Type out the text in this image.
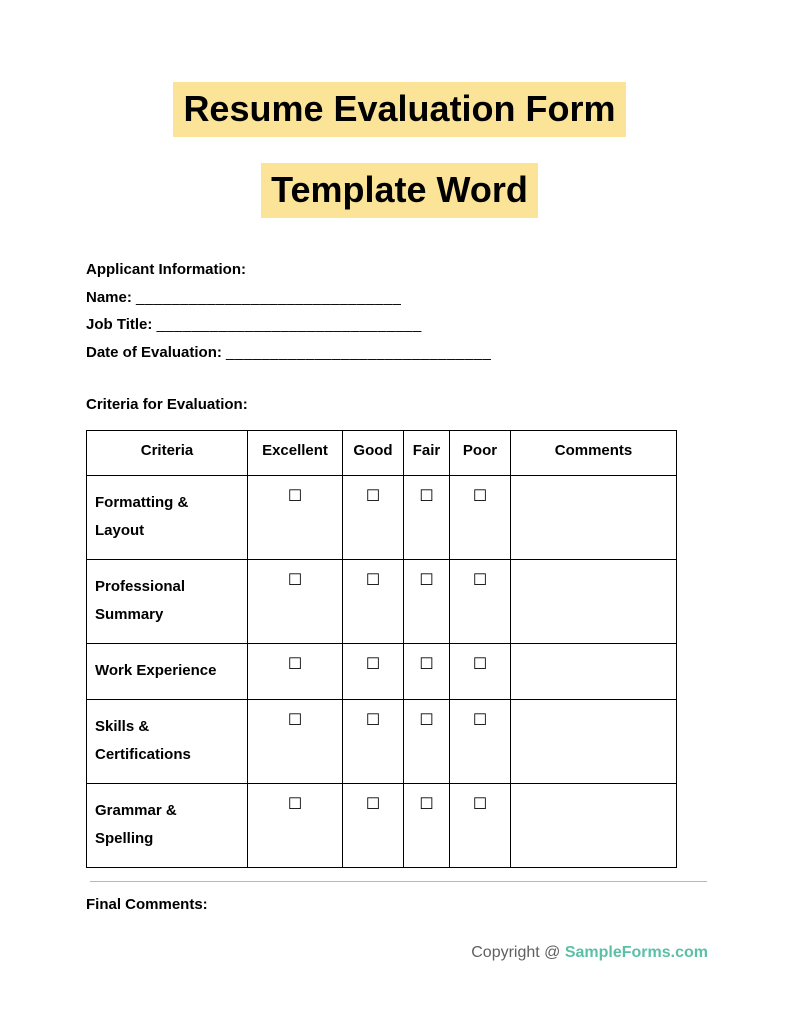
Resume Evaluation Form
Template Word
Applicant Information:
Name: ______________________________
Job Title: ______________________________
Date of Evaluation: ______________________________
Criteria for Evaluation:
Criteria	Excellent	Good	Fair	Poor	Comments
Formatting & Layout	☐	☐	☐	☐	
Professional Summary	☐	☐	☐	☐	
Work Experience	☐	☐	☐	☐	
Skills & Certifications	☐	☐	☐	☐	
Grammar & Spelling	☐	☐	☐	☐	
Final Comments:
Copyright @ SampleForms.com
